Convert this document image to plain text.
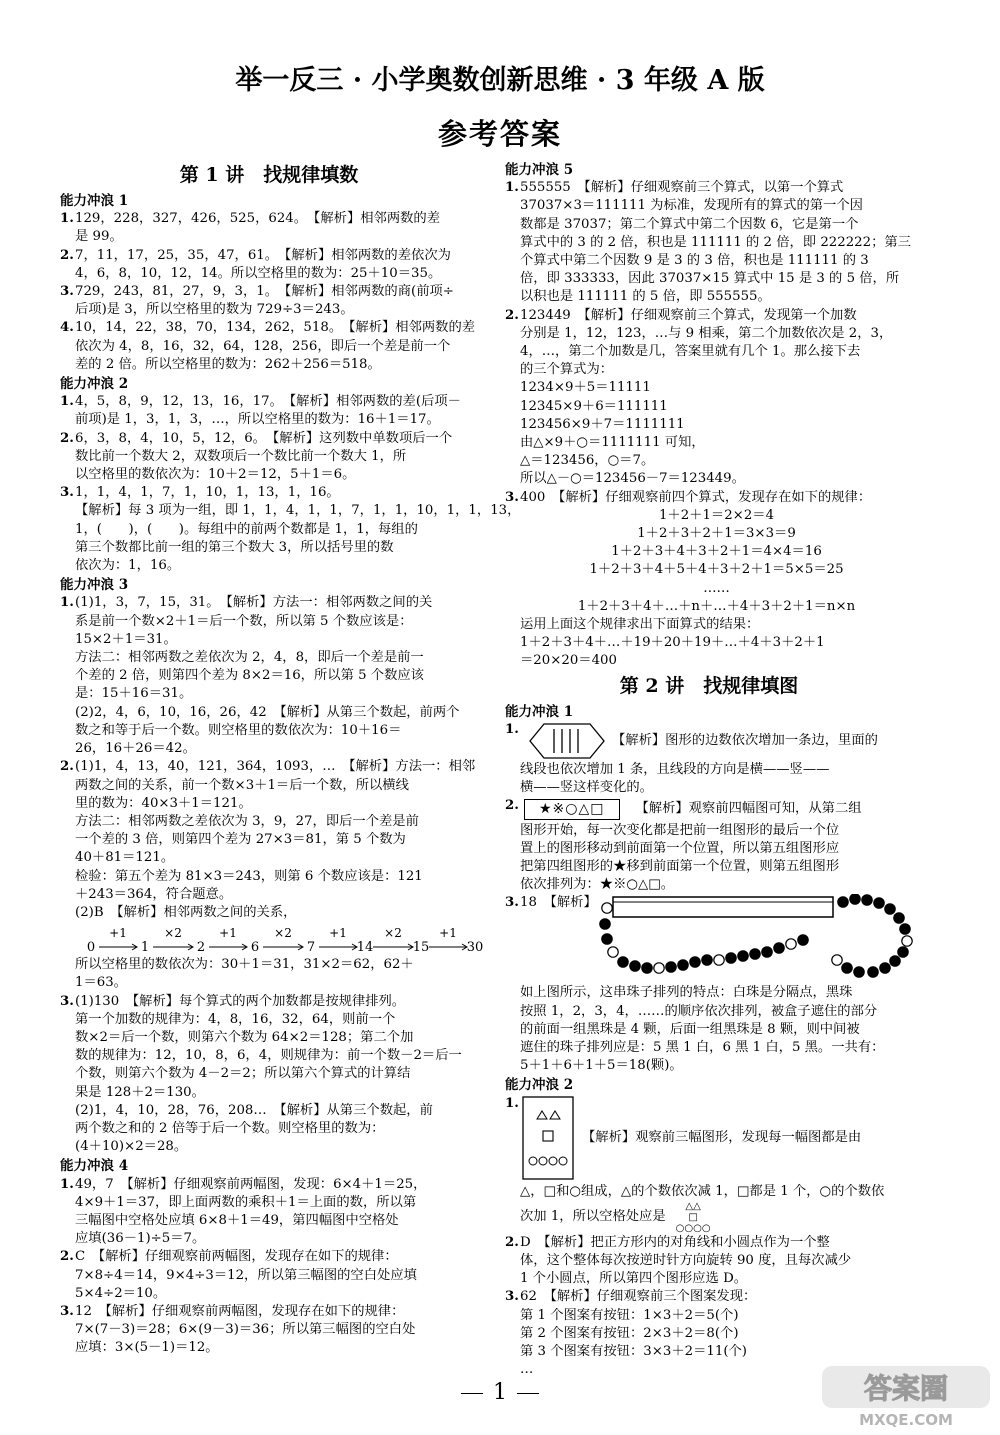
举一反三 · 小学奥数创新思维 · 3 年级 A 版
参考答案
第 1 讲　找规律填数
能力冲浪 1
1. 129，228，327，426，525，624。　【解析】相邻两数的差
是 99。
2. 7，11，17，25，35，47，61。　【解析】相邻两数的差依次为
4，6，8，10，12，14。所以空格里的数为：25＋10＝35。
3. 729，243，81，27，9，3，1。　【解析】相邻两数的商(前项÷
后项)是 3，所以空格里的数为 729÷3＝243。
4. 10，14，22，38，70，134，262，518。　【解析】相邻两数的差
依次为 4，8，16，32，64，128，256，即后一个差是前一个
差的 2 倍。所以空格里的数为：262＋256＝518。
能力冲浪 2
1. 4，5，8，9，12，13，16，17。　【解析】相邻两数的差(后项－
前项)是 1，3，1，3，…，所以空格里的数为：16＋1＝17。
2. 6，3，8，4，10，5，12，6。　【解析】这列数中单数项后一个
数比前一个数大 2，双数项后一个数比前一个数大 1，所
以空格里的数依次为：10＋2＝12，5＋1＝6。
3. 1，1，4，1，7，1，10，1，13，1，16。
【解析】每 3 项为一组，即 1，1，4，1，1，7，1，1，10，1，1，13，
1，(　　)，(　　)。每组中的前两个数都是 1，1，每组的
第三个数都比前一组的第三个数大 3，所以括号里的数
依次为：1，16。
能力冲浪 3
1. (1)1，3，7，15，31。　【解析】方法一：相邻两数之间的关
系是前一个数×2＋1＝后一个数，所以第 5 个数应该是：
15×2＋1＝31。
方法二：相邻两数之差依次为 2，4，8，即后一个差是前一
个差的 2 倍，则第四个差为 8×2＝16，所以第 5 个数应该
是：15＋16＝31。
(2)2，4，6，10，16，26，42　【解析】从第三个数起，前两个
数之和等于后一个数。则空格里的数依次为：10＋16＝
26，16＋26＝42。
2. (1)1，4，13，40，121，364，1093，…　【解析】方法一：相邻
两数之间的关系，前一个数×3＋1＝后一个数，所以横线
里的数为：40×3＋1＝121。
方法二：相邻两数之差依次为 3，9，27，即后一个差是前
一个差的 3 倍，则第四个差为 27×3＝81，第 5 个数为
40＋81＝121。
检验：第五个差为 81×3＝243，则第 6 个数应该是：121
＋243＝364，符合题意。
(2)B　【解析】相邻两数之间的关系，
0
+1
1
×2
2
+1
6
×2
7
+1
14
×2
15
+1
30
所以空格里的数依次为：30＋1＝31，31×2＝62，62＋
1＝63。
3. (1)130　【解析】每个算式的两个加数都是按规律排列。
第一个加数的规律为：4，8，16，32，64，则前一个
数×2＝后一个数，则第六个数为 64×2＝128；第二个加
数的规律为：12，10，8，6，4，则规律为：前一个数－2＝后一
个数，则第六个数为 4－2＝2；所以第六个算式的计算结
果是 128＋2＝130。
(2)1，4，10，28，76，208…　【解析】从第三个数起，前
两个数之和的 2 倍等于后一个数。则空格里的数为：
(4＋10)×2＝28。
能力冲浪 4
1. 49，7　【解析】仔细观察前两幅图，发现：6×4＋1＝25，
4×9＋1＝37，即上面两数的乘积＋1＝上面的数，所以第
三幅图中空格处应填 6×8＋1＝49，第四幅图中空格处
应填(36－1)÷5＝7。
2. C　【解析】仔细观察前两幅图，发现存在如下的规律：
7×8÷4＝14，9×4÷3＝12，所以第三幅图的空白处应填
5×4÷2＝10。
3. 12　【解析】仔细观察前两幅图，发现存在如下的规律：
7×(7－3)＝28；6×(9－3)＝36；所以第三幅图的空白处
应填：3×(5－1)＝12。
能力冲浪 5
1. 555555　【解析】仔细观察前三个算式，以第一个算式
37037×3＝111111 为标准，发现所有的算式的第一个因
数都是 37037；第二个算式中第二个因数 6，它是第一个
算式中的 3 的 2 倍，积也是 111111 的 2 倍，即 222222；第三
个算式中第二个因数 9 是 3 的 3 倍，积也是 111111 的 3
倍，即 333333，因此 37037×15 算式中 15 是 3 的 5 倍，所
以积也是 111111 的 5 倍，即 555555。
2. 123449　【解析】仔细观察前三个算式，发现第一个加数
分别是 1，12，123，…与 9 相乘，第二个加数依次是 2，3，
4，…，第二个加数是几，答案里就有几个 1。那么接下去
的三个算式为：
1234×9＋5＝11111
12345×9＋6＝111111
123456×9＋7＝1111111
由△×9＋○＝1111111 可知，
△＝123456，○＝7。
所以△－○＝123456－7＝123449。
3. 400　【解析】仔细观察前四个算式，发现存在如下的规律：
1＋2＋1＝2×2＝4
1＋2＋3＋2＋1＝3×3＝9
1＋2＋3＋4＋3＋2＋1＝4×4＝16
1＋2＋3＋4＋5＋4＋3＋2＋1＝5×5＝25
……
1＋2＋3＋4＋…＋n＋…＋4＋3＋2＋1＝n×n
运用上面这个规律求出下面算式的结果：
1＋2＋3＋4＋…＋19＋20＋19＋…＋4＋3＋2＋1
＝20×20＝400
第 2 讲　找规律填图
能力冲浪 1
1.
【解析】图形的边数依次增加一条边，里面的
线段也依次增加 1 条，且线段的方向是横——竖——
横——竖这样变化的。
2.	★※○△□	【解析】观察前四幅图可知，从第二组
图形开始，每一次变化都是把前一组图形的最后一个位
置上的图形移动到前面第一个位置，所以第五组图形应
把第四组图形的★移到前面第一个位置，则第五组图形
依次排列为：★※○△□。
3. 18　【解析】
如上图所示，这串珠子排列的特点：白珠是分隔点，黑珠
按照 1，2，3，4，……的顺序依次排列，被盒子遮住的部分
的前面一组黑珠是 4 颗，后面一组黑珠是 8 颗，则中间被
遮住的珠子排列应是：5 黑 1 白，6 黑 1 白，5 黑。一共有：
5＋1＋6＋1＋5＝18(颗)。
能力冲浪 2
1.
【解析】观察前三幅图形，发现每一幅图都是由
△，□和○组成，△的个数依次减 1，□都是 1 个，○的个数依
次加 1，所以空格处应是
△△
□
○○○○
2. D　【解析】把正方形内的对角线和小圆点作为一个整
体，这个整体每次按逆时针方向旋转 90 度，且每次减少
1 个小圆点，所以第四个图形应选 D。
3. 62　【解析】仔细观察前三个图案发现：
第 1 个图案有按钮：1×3＋2＝5(个)
第 2 个图案有按钮：2×3＋2＝8(个)
第 3 个图案有按钮：3×3＋2＝11(个)
…
1	答案圈
MXQE.COM
